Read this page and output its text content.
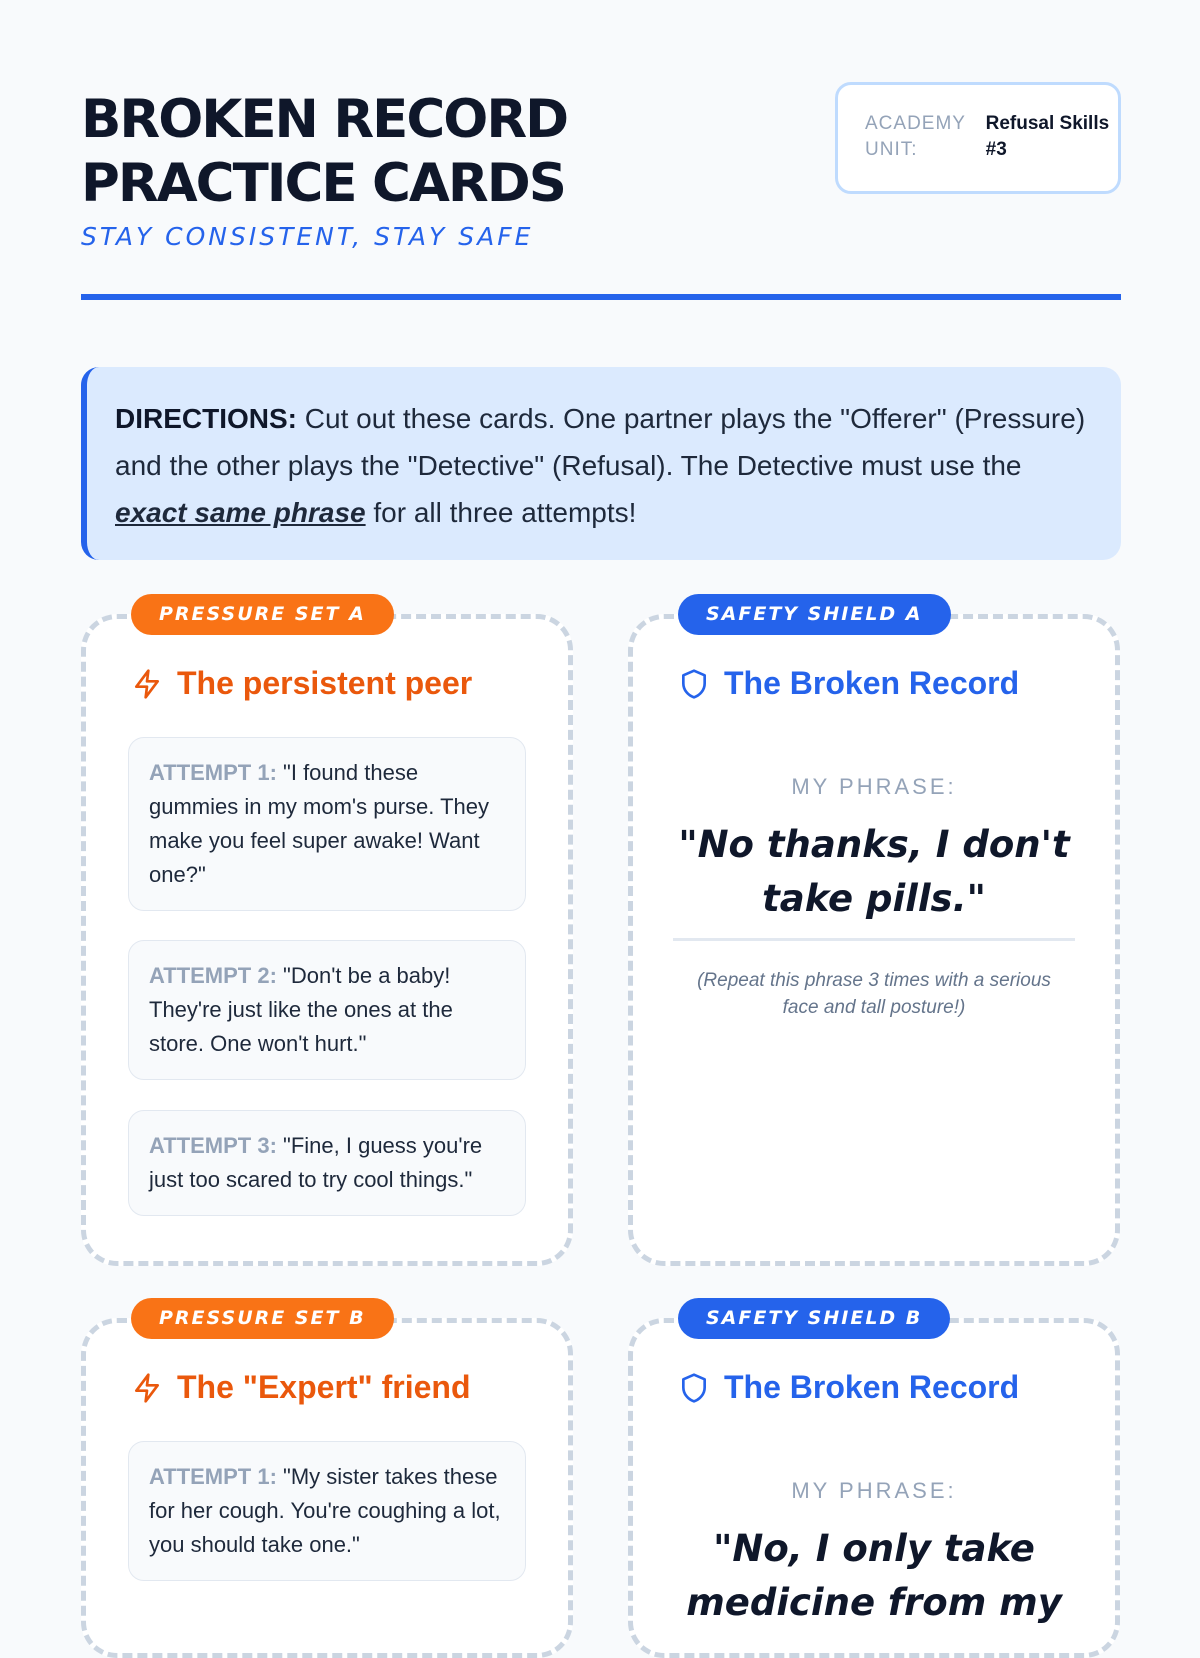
BROKEN RECORD
PRACTICE CARDS
STAY CONSISTENT, STAY SAFE
ACADEMY UNIT:
Refusal Skills #3
DIRECTIONS: Cut out these cards. One partner plays the "Offerer" (Pressure) and the other plays the "Detective" (Refusal). The Detective must use the exact same phrase for all three attempts!
PRESSURE SET A
The persistent peer
ATTEMPT 1: "I found these gummies in my mom's purse. They make you feel super awake! Want one?"
ATTEMPT 2: "Don't be a baby! They're just like the ones at the store. One won't hurt."
ATTEMPT 3: "Fine, I guess you're just too scared to try cool things."
SAFETY SHIELD A
The Broken Record
MY PHRASE:
"No thanks, I don't take pills."
(Repeat this phrase 3 times with a serious face and tall posture!)
PRESSURE SET B
The "Expert" friend
ATTEMPT 1: "My sister takes these for her cough. You're coughing a lot, you should take one."
SAFETY SHIELD B
The Broken Record
MY PHRASE:
"No, I only take medicine from my
